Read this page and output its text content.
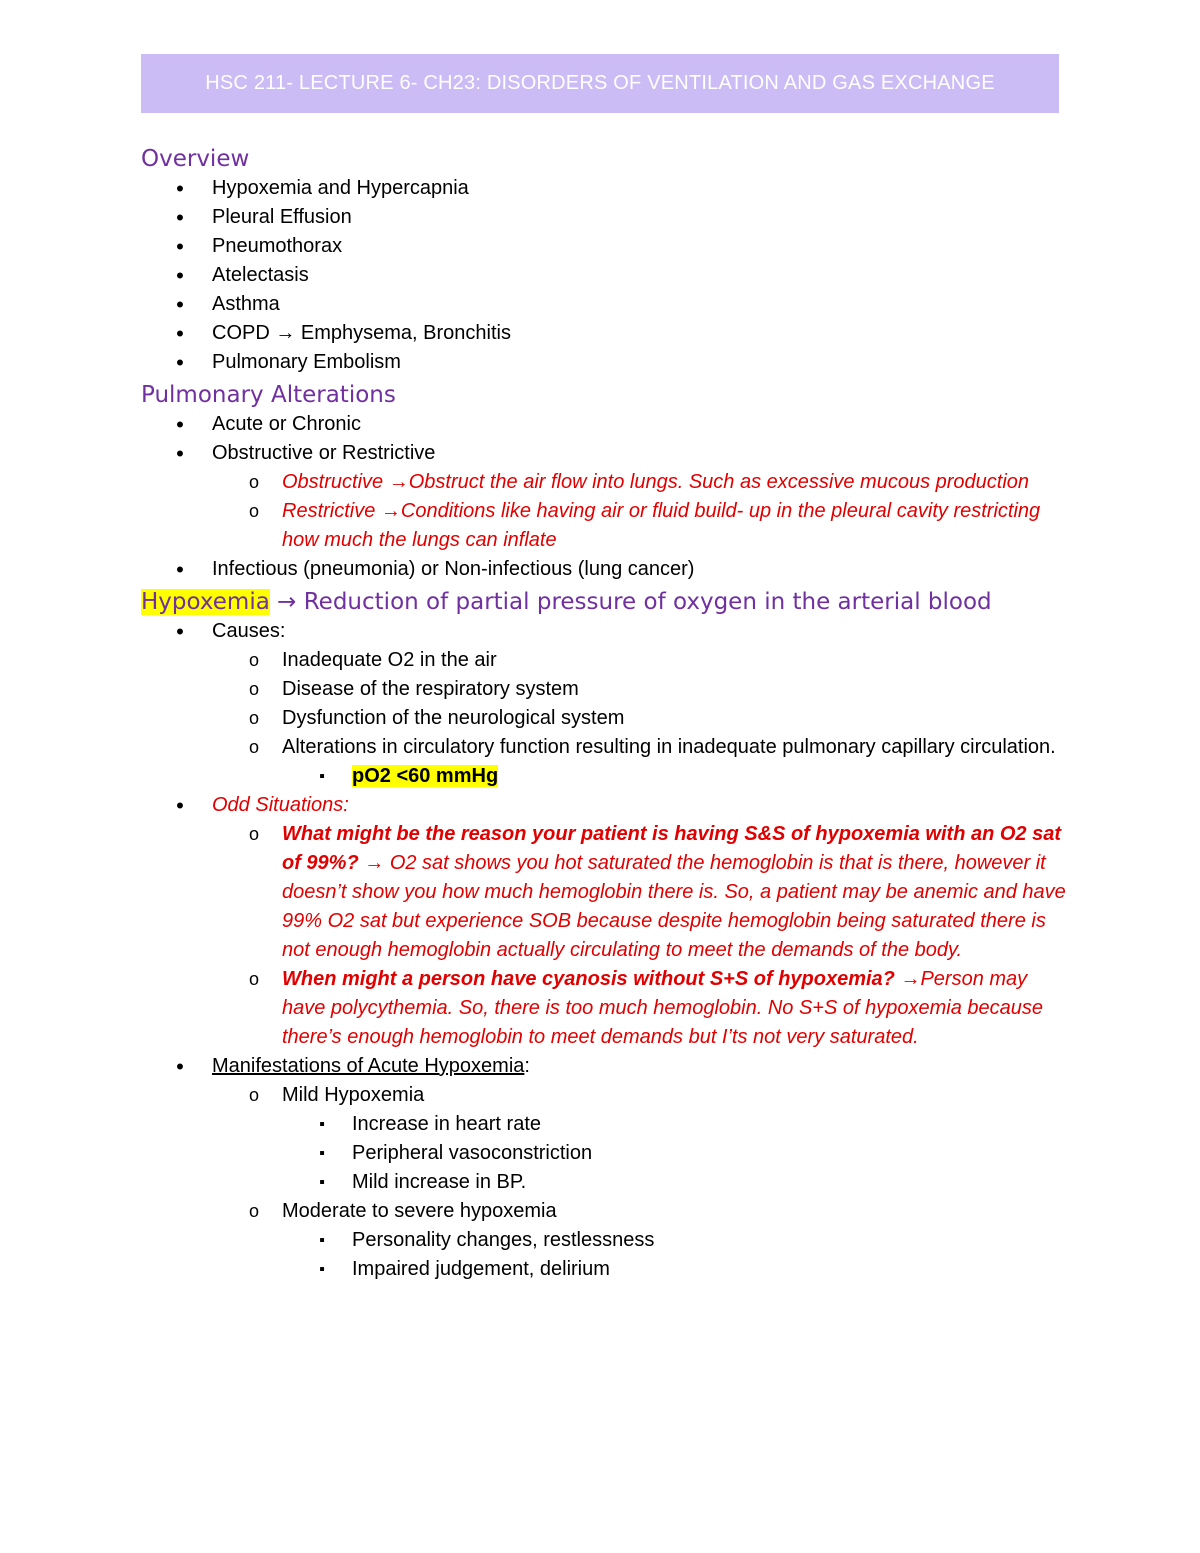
HSC 211- LECTURE 6- CH23: DISORDERS OF VENTILATION AND GAS EXCHANGE
Overview
•	Hypoxemia and Hypercapnia
•	Pleural Effusion
•	Pneumothorax
•	Atelectasis
•	Asthma
•	COPD → Emphysema, Bronchitis
•	Pulmonary Embolism
Pulmonary Alterations
•	Acute or Chronic
•	Obstructive or Restrictive
o	Obstructive →Obstruct the air flow into lungs. Such as excessive mucous production
o	Restrictive →Conditions like having air or fluid build- up in the pleural cavity restricting how much the lungs can inflate
•	Infectious (pneumonia) or Non-infectious (lung cancer)
Hypoxemia → Reduction of partial pressure of oxygen in the arterial blood
•	Causes:
o	Inadequate O2 in the air
o	Disease of the respiratory system
o	Dysfunction of the neurological system
o	Alterations in circulatory function resulting in inadequate pulmonary capillary circulation.
▪	pO2 <60 mmHg
•	Odd Situations:
o	What might be the reason your patient is having S&S of hypoxemia with an O2 sat of 99%? → O2 sat shows you hot saturated the hemoglobin is that is there, however it doesn’t show you how much hemoglobin there is. So, a patient may be anemic and have 99% O2 sat but experience SOB because despite hemoglobin being saturated there is not enough hemoglobin actually circulating to meet the demands of the body.
o	When might a person have cyanosis without S+S of hypoxemia? →Person may have polycythemia. So, there is too much hemoglobin. No S+S of hypoxemia because there’s enough hemoglobin to meet demands but I’ts not very saturated.
•	Manifestations of Acute Hypoxemia:
o	Mild Hypoxemia
▪	Increase in heart rate
▪	Peripheral vasoconstriction
▪	Mild increase in BP.
o	Moderate to severe hypoxemia
▪	Personality changes, restlessness
▪	Impaired judgement, delirium
